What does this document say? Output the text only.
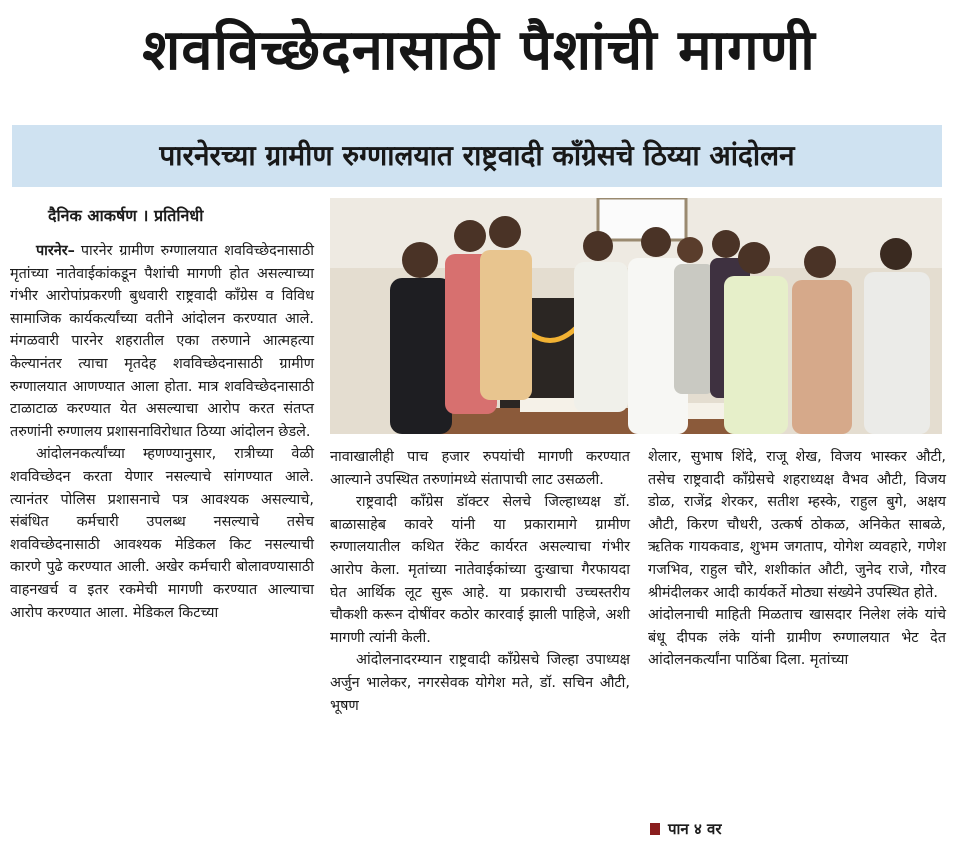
शवविच्छेदनासाठी पैशांची मागणी
पारनेरच्या ग्रामीण रुग्णालयात राष्ट्रवादी काँग्रेसचे ठिय्या आंदोलन
दैनिक आकर्षण । प्रतिनिधी

पारनेर– पारनेर ग्रामीण रुग्णालयात शवविच्छेदनासाठी मृतांच्या नातेवाईकांकडून पैशांची मागणी होत असल्याच्या गंभीर आरोपांप्रकरणी बुधवारी राष्ट्रवादी काँग्रेस व विविध सामाजिक कार्यकर्त्यांच्या वतीने आंदोलन करण्यात आले. मंगळवारी पारनेर शहरातील एका तरुणाने आत्महत्या केल्यानंतर त्याचा मृतदेह शवविच्छेदनासाठी ग्रामीण रुग्णालयात आणण्यात आला होता. मात्र शवविच्छेदनासाठी टाळाटाळ करण्यात येत असल्याचा आरोप करत संतप्त तरुणांनी रुग्णालय प्रशासनाविरोधात ठिय्या आंदोलन छेडले.

आंदोलनकर्त्यांच्या म्हणण्यानुसार, रात्रीच्या वेळी शवविच्छेदन करता येणार नसल्याचे सांगण्यात आले. त्यानंतर पोलिस प्रशासनाचे पत्र आवश्यक असल्याचे, संबंधित कर्मचारी उपलब्ध नसल्याचे तसेच शवविच्छेदनासाठी आवश्यक मेडिकल किट नसल्याची कारणे पुढे करण्यात आली. अखेर कर्मचारी बोलावण्यासाठी वाहनखर्च व इतर रकमेची मागणी करण्यात आल्याचा आरोप करण्यात आला. मेडिकल किटच्या

नावाखालीही पाच हजार रुपयांची मागणी करण्यात आल्याने उपस्थित तरुणांमध्ये संतापाची लाट उसळली.

राष्ट्रवादी काँग्रेस डॉक्टर सेलचे जिल्हाध्यक्ष डॉ. बाळासाहेब कावरे यांनी या प्रकारामागे ग्रामीण रुग्णालयातील कथित रॅकेट कार्यरत असल्याचा गंभीर आरोप केला. मृतांच्या नातेवाईकांच्या दुःखाचा गैरफायदा घेत आर्थिक लूट सुरू आहे. या प्रकाराची उच्चस्तरीय चौकशी करून दोषींवर कठोर कारवाई झाली पाहिजे, अशी मागणी त्यांनी केली.

आंदोलनादरम्यान राष्ट्रवादी काँग्रेसचे जिल्हा उपाध्यक्ष अर्जुन भालेकर, नगरसेवक योगेश मते, डॉ. सचिन औटी, भूषण

शेलार, सुभाष शिंदे, राजू शेख, विजय भास्कर औटी, तसेच राष्ट्रवादी काँग्रेसचे शहराध्यक्ष वैभव औटी, विजय डोळ, राजेंद्र शेरकर, सतीश म्हस्के, राहुल बुगे, अक्षय औटी, किरण चौधरी, उत्कर्ष ठोकळ, अनिकेत साबळे, ऋतिक गायकवाड, शुभम जगताप, योगेश व्यवहारे, गणेश गजभिव, राहुल चौरे, शशीकांत औटी, जुनेद राजे, गौरव श्रीमंदीलकर आदी कार्यकर्ते मोठ्या संख्येने उपस्थित होते.

आंदोलनाची माहिती मिळताच खासदार निलेश लंके यांचे बंधू दीपक लंके यांनी ग्रामीण रुग्णालयात भेट देत आंदोलनकर्त्यांना पाठिंबा दिला. मृतांच्या

पान ४ वर
